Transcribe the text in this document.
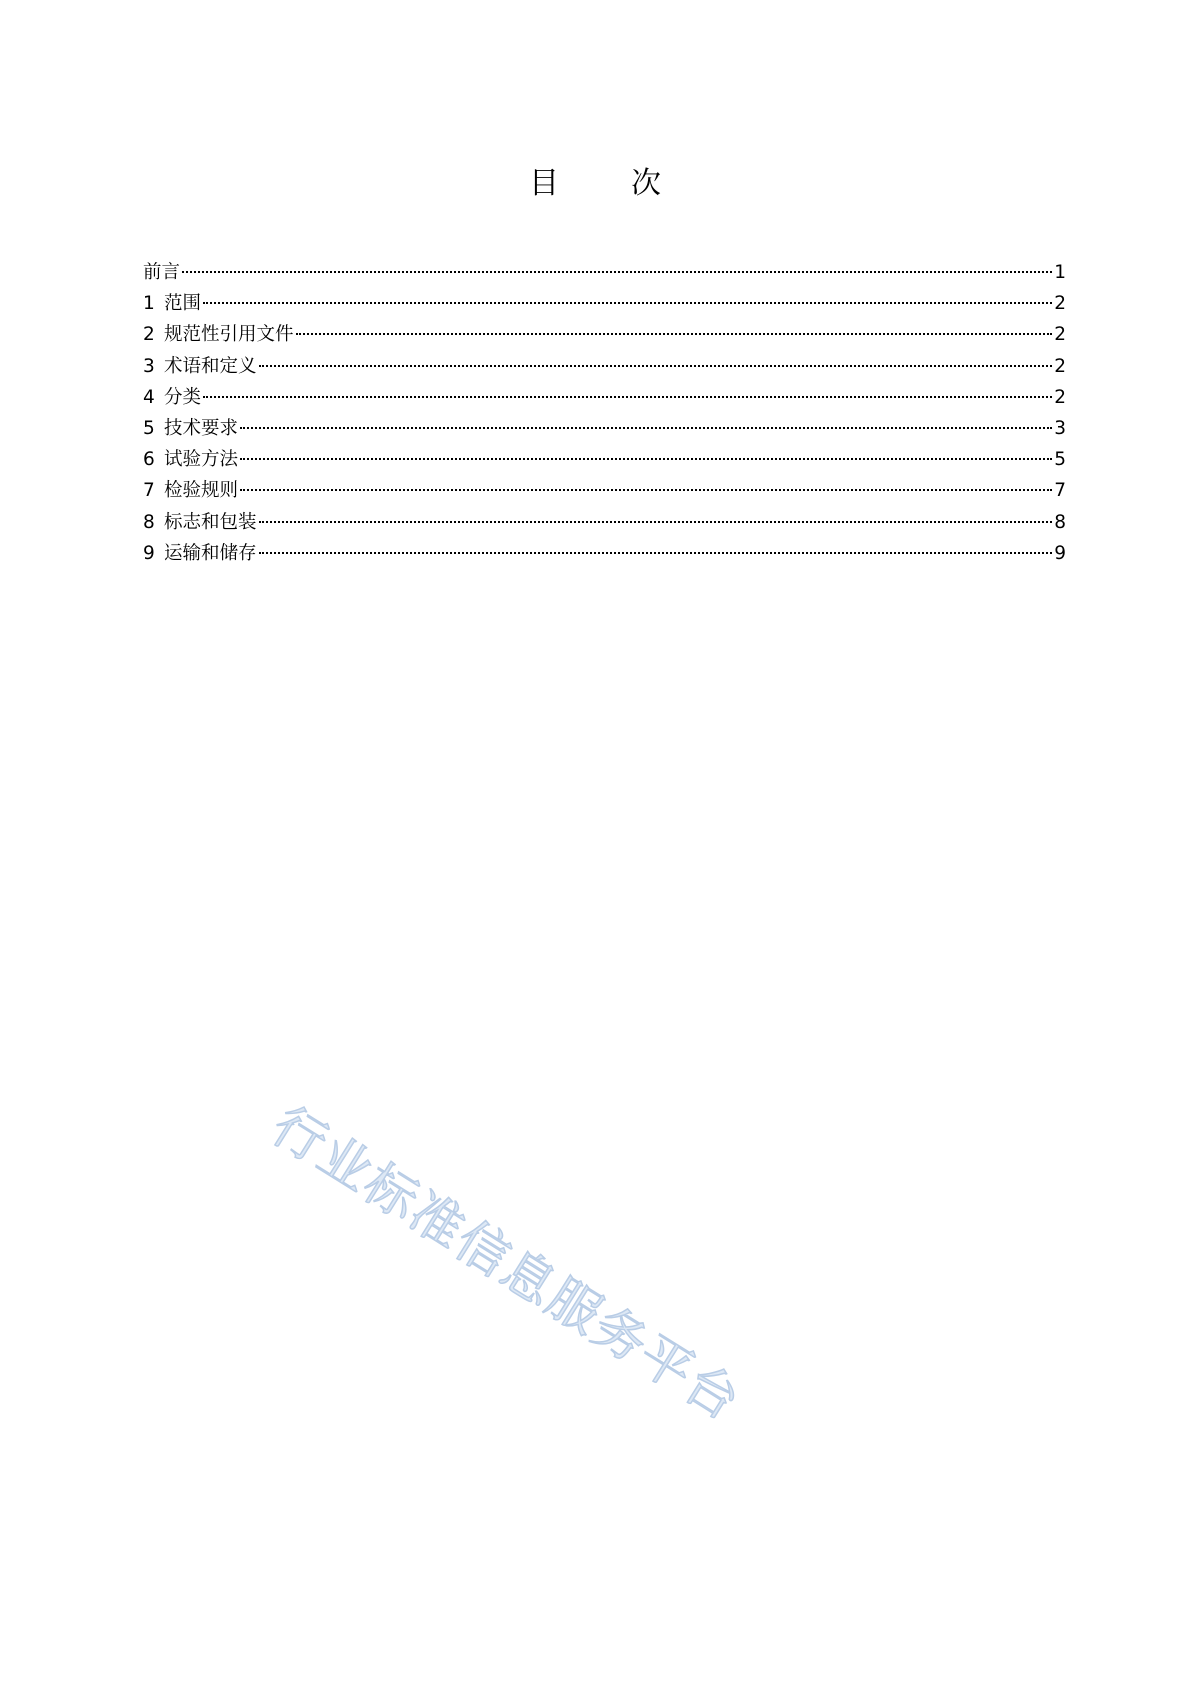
目 次
前言	1
1 范围	2
2 规范性引用文件	2
3 术语和定义	2
4 分类	2
5 技术要求	3
6 试验方法	5
7 检验规则	7
8 标志和包装	8
9 运输和储存	9
行业标准信息服务平台
